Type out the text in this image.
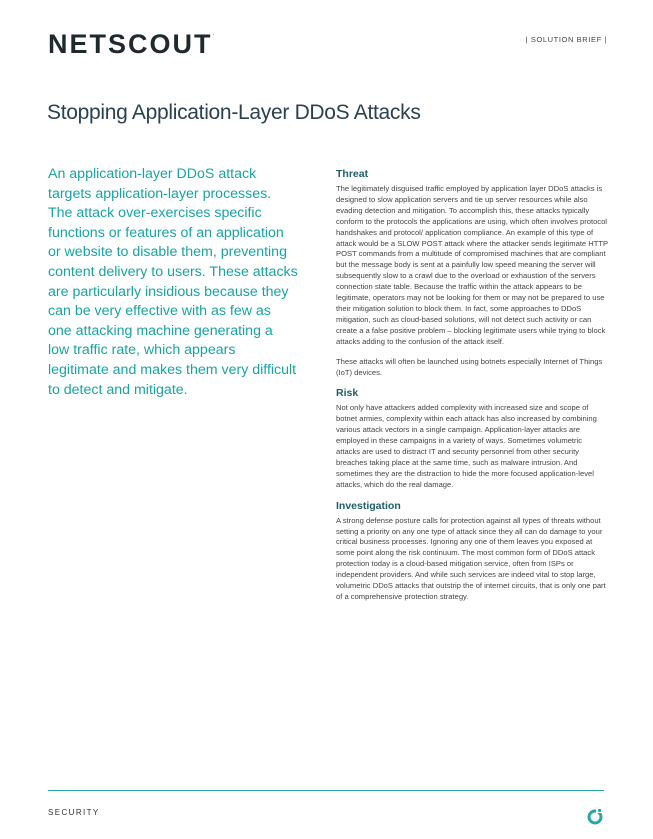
NETSCOUT.
| SOLUTION BRIEF |
Stopping Application-Layer DDoS Attacks

An application-layer DDoS attack targets application-layer processes. The attack over-exercises specific functions or features of an application or website to disable them, preventing content delivery to users. These attacks are particularly insidious because they can be very effective with as few as one attacking machine generating a low traffic rate, which appears legitimate and makes them very difficult to detect and mitigate.

Threat

The legitimately disguised traffic employed by application layer DDoS attacks is designed to slow application servers and tie up server resources while also evading detection and mitigation. To accomplish this, these attacks typically conform to the protocols the applications are using, which often involves protocol handshakes and protocol/ application compliance. An example of this type of attack would be a SLOW POST attack where the attacker sends legitimate HTTP POST commands from a multitude of compromised machines that are compliant but the message body is sent at a painfully low speed meaning the server will subsequently slow to a crawl due to the overload or exhaustion of the servers connection state table. Because the traffic within the attack appears to be legitimate, operators may not be looking for them or may not be prepared to use their mitigation solution to block them. In fact, some approaches to DDoS mitigation, such as cloud-based solutions, will not detect such activity or can create a a false positive problem – blocking legitimate users while trying to block attacks adding to the confusion of the attack itself.

These attacks will often be launched using botnets especially Internet of Things (IoT) devices.

Risk

Not only have attackers added complexity with increased size and scope of botnet armies, complexity within each attack has also increased by combining various attack vectors in a single campaign. Application-layer attacks are employed in these campaigns in a variety of ways. Sometimes volumetric attacks are used to distract IT and security personnel from other security breaches taking place at the same time, such as malware intrusion. And sometimes they are the distraction to hide the more focused application-level attacks, which do the real damage.

Investigation

A strong defense posture calls for protection against all types of threats without setting a priority on any one type of attack since they all can do damage to your critical business processes. Ignoring any one of them leaves you exposed at some point along the risk continuum. The most common form of DDoS attack protection today is a cloud-based mitigation service, often from ISPs or independent providers. And while such services are indeed vital to stop large, volumetric DDoS attacks that outstrip the of internet circuits, that is only one part of a comprehensive protection strategy.

SECURITY
